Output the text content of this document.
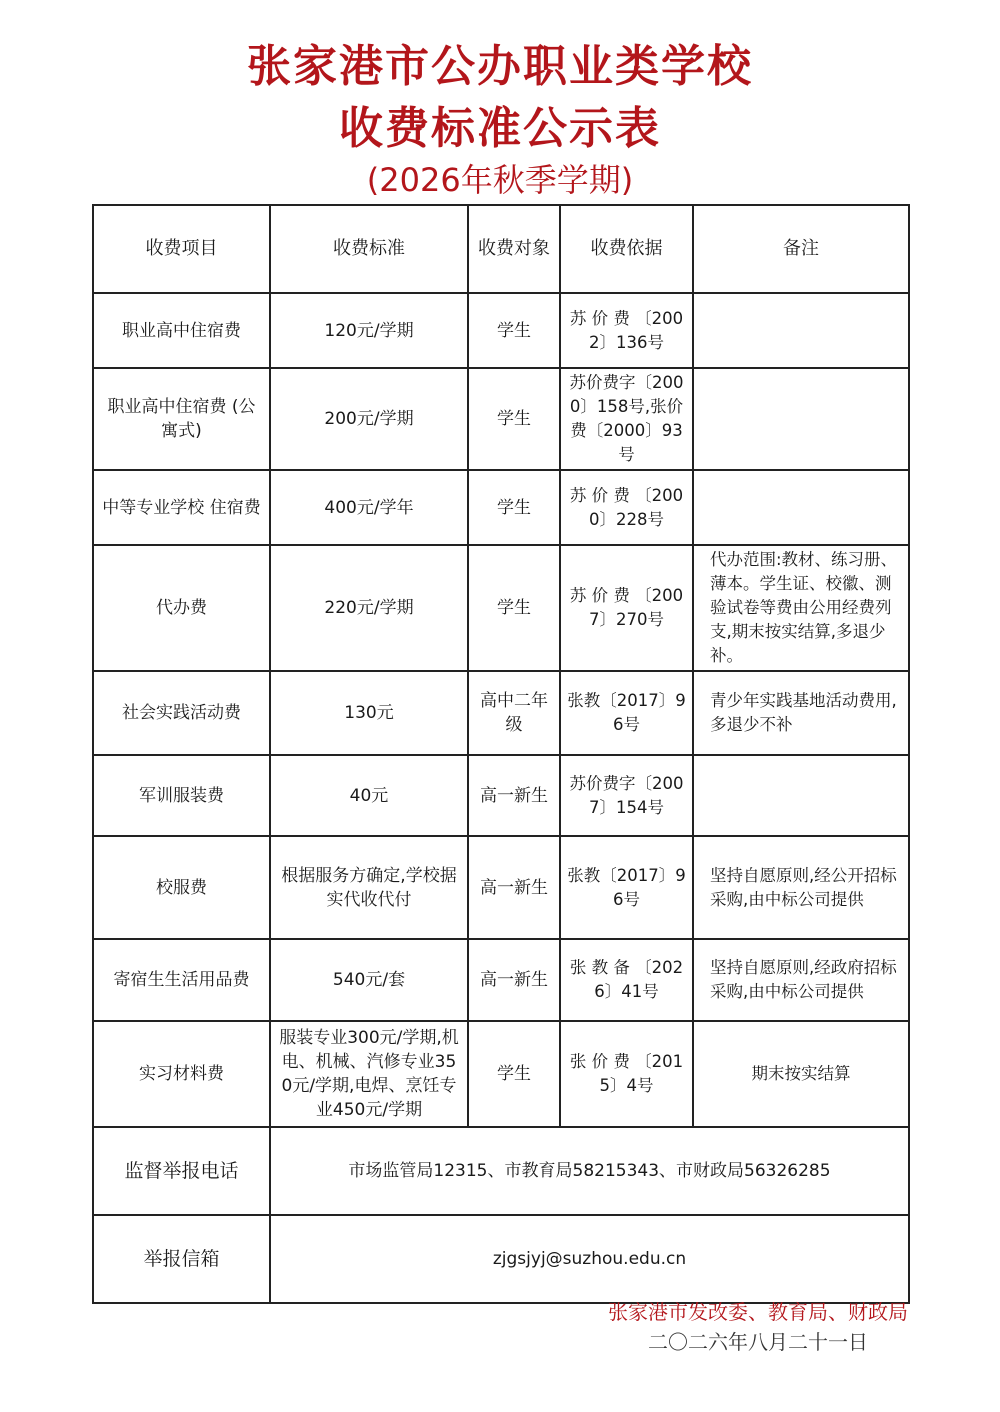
张家港市公办职业类学校
收费标准公示表
(2026年秋季学期)
收费项目	收费标准	收费对象	收费依据	备注
职业高中住宿费	120元/学期	学生	苏 价 费 〔2002〕136号	
职业高中住宿费 (公寓式)	200元/学期	学生	苏价费字〔2000〕158号,张价费〔2000〕93号	
中等专业学校 住宿费	400元/学年	学生	苏 价 费 〔2000〕228号	
代办费	220元/学期	学生	苏 价 费 〔2007〕270号	代办范围:教材、练习册、薄本。学生证、校徽、测验试卷等费由公用经费列支,期末按实结算,多退少补。
社会实践活动费	130元	高中二年级	张教〔2017〕96号	青少年实践基地活动费用,多退少不补
军训服装费	40元	高一新生	苏价费字〔2007〕154号	
校服费	根据服务方确定,学校据实代收代付	高一新生	张教〔2017〕96号	坚持自愿原则,经公开招标采购,由中标公司提供
寄宿生生活用品费	540元/套	高一新生	张 教 备 〔2026〕41号	坚持自愿原则,经政府招标采购,由中标公司提供
实习材料费	服装专业300元/学期,机电、机械、汽修专业350元/学期,电焊、烹饪专业450元/学期	学生	张 价 费 〔2015〕4号	期末按实结算
监督举报电话	市场监管局12315、市教育局58215343、市财政局56326285			
举报信箱	zjgsjyj@suzhou.edu.cn			
张家港市发改委、教育局、财政局
二〇二六年八月二十一日
